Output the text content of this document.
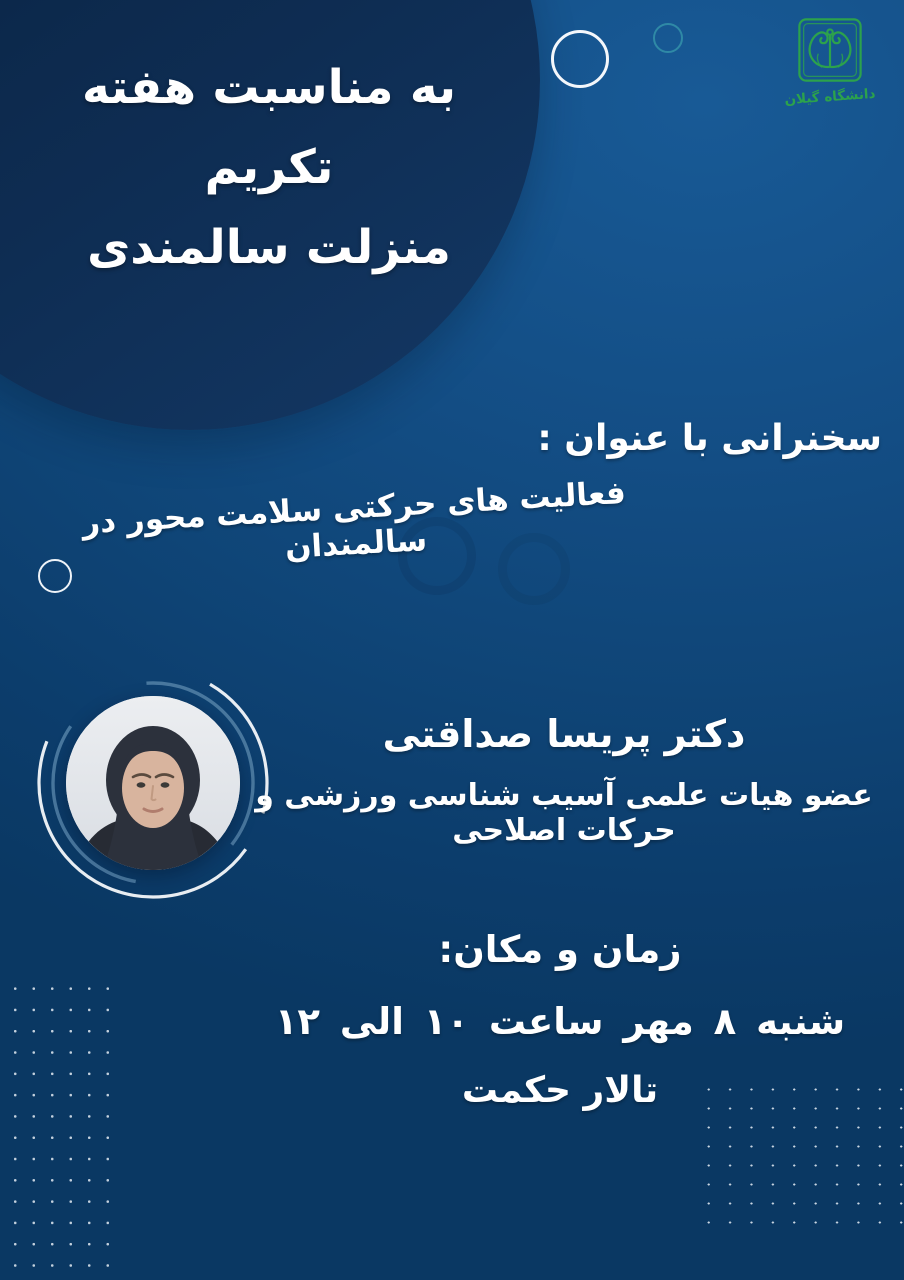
دانشگاه گیلان
به مناسبت هفته تکریم
منزلت سالمندی
سخنرانی با عنوان :
فعالیت های حرکتی سلامت محور در سالمندان
دکتر پریسا صداقتی
عضو هیات علمی آسیب شناسی ورزشی و حرکات اصلاحی
زمان و مکان:
شنبه ۸ مهر ساعت ۱۰ الی ۱۲
تالار حکمت
